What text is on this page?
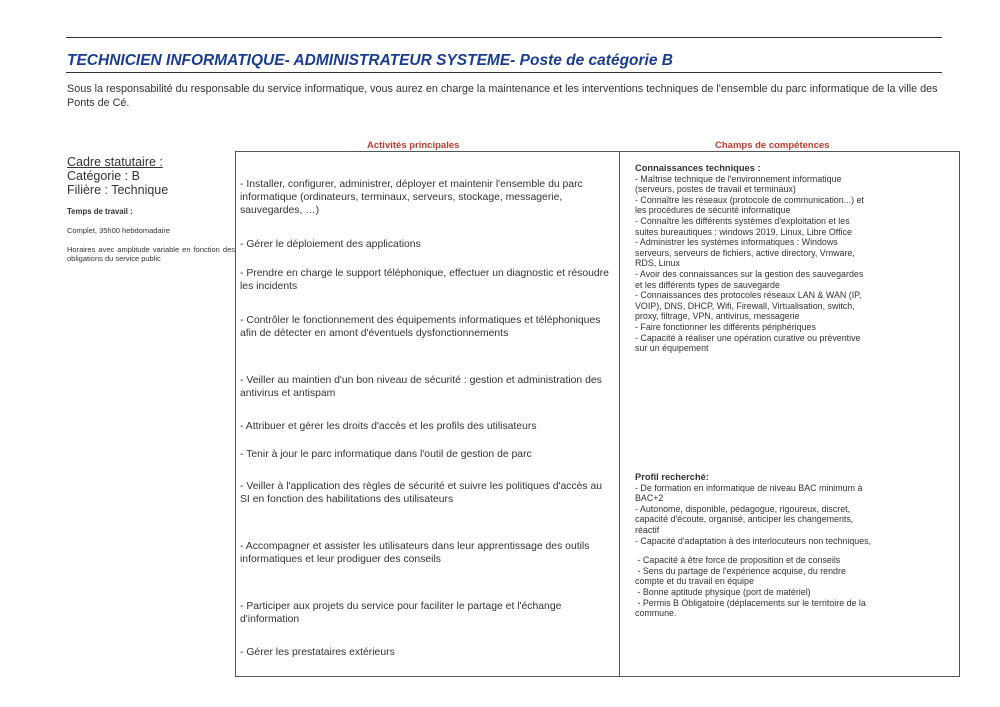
TECHNICIEN INFORMATIQUE- ADMINISTRATEUR SYSTEME- Poste de catégorie B
Sous la responsabilité du responsable du service informatique, vous aurez en charge la maintenance et les interventions techniques de l'ensemble du parc informatique de la ville des Ponts de Cé.
Activités principales	Champs de compétences
Cadre statutaire :
Catégorie : B
Filière : Technique
Temps de travail :
Complet, 35h00 hebdomadaire
Horaires avec amplitude variable en fonction des obligations du service public
- Installer, configurer, administrer, déployer et maintenir l'ensemble du parc informatique (ordinateurs, terminaux, serveurs, stockage, messagerie, sauvegardes, …)
- Gérer le déploiement des applications
- Prendre en charge le support téléphonique, effectuer un diagnostic et résoudre les incidents
- Contrôler le fonctionnement des équipements informatiques et téléphoniques afin de détecter en amont d'éventuels dysfonctionnements
- Veiller au maintien d'un bon niveau de sécurité : gestion et administration des antivirus et antispam
- Attribuer et gérer les droits d'accès et les profils des utilisateurs
- Tenir à jour le parc informatique dans l'outil de gestion de parc
- Veiller à l'application des règles de sécurité et suivre les politiques d'accès au SI en fonction des habilitations des utilisateurs
- Accompagner et assister les utilisateurs dans leur apprentissage des outils informatiques et leur prodiguer des conseils
- Participer aux projets du service pour faciliter le partage et l'échange d'information
- Gérer les prestataires extérieurs
Connaissances techniques :
- Maîtrise technique de l'environnement informatique
(serveurs, postes de travail et terminaux)
- Connaître les réseaux (protocole de communication...) et
les procédures de sécurité informatique
- Connaître les différents systèmes d'exploitation et les
suites bureautiques : windows 2019, Linux, Libre Office
- Administrer les systèmes informatiques : Windows
serveurs, serveurs de fichiers, active directory, Vmware,
RDS, Linux
- Avoir des connaissances sur la gestion des sauvegardes
et les différents types de sauvegarde
- Connaissances des protocoles réseaux LAN & WAN (IP,
VOIP), DNS, DHCP, Wifi, Firewall, Virtualisation, switch,
proxy, filtrage, VPN, antivirus, messagerie
- Faire fonctionner les différents périphériques
- Capacité à réaliser une opération curative ou préventive
sur un équipement
Profil recherché:
- De formation en informatique de niveau BAC minimum à
BAC+2
- Autonome, disponible, pédagogue, rigoureux, discret,
capacité d'écoute, organisé, anticiper les changements,
réactif
- Capacité d'adaptation à des interlocuteurs non techniques,
- Capacité à être force de proposition et de conseils
- Sens du partage de l'expérience acquise, du rendre
compte et du travail en équipe
- Bonne aptitude physique (port de matériel)
- Permis B Obligatoire (déplacements sur le territoire de la
commune.
